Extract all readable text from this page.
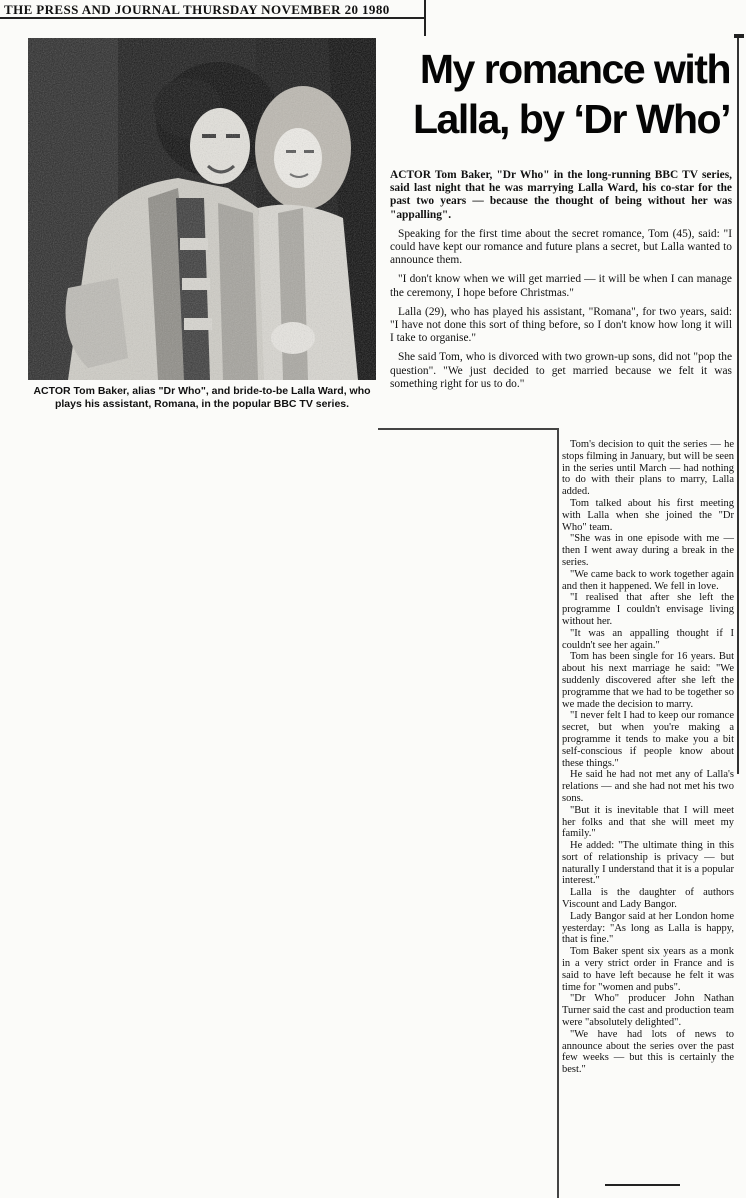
THE PRESS AND JOURNAL THURSDAY NOVEMBER 20 1980
ACTOR Tom Baker, alias "Dr Who", and bride-to-be Lalla Ward, who plays his assistant, Romana, in the popular BBC TV series.
My romance with
Lalla, by ‘Dr Who’

ACTOR Tom Baker, "Dr Who" in the long-running BBC TV series, said last night that he was marrying Lalla Ward, his co-star for the past two years — because the thought of being without her was "appalling".

Speaking for the first time about the secret romance, Tom (45), said: "I could have kept our romance and future plans a secret, but Lalla wanted to announce them.

"I don't know when we will get married — it will be when I can manage the ceremony, I hope before Christmas."

Lalla (29), who has played his assistant, "Romana", for two years, said: "I have not done this sort of thing before, so I don't know how long it will I take to organise."

She said Tom, who is divorced with two grown-up sons, did not "pop the question". "We just decided to get married because we felt it was something right for us to do."

Tom's decision to quit the series — he stops filming in January, but will be seen in the series until March — had nothing to do with their plans to marry, Lalla added.

Tom talked about his first meeting with Lalla when she joined the "Dr Who" team.

"She was in one episode with me — then I went away during a break in the series.

"We came back to work together again and then it happened. We fell in love.

"I realised that after she left the programme I couldn't envisage living without her.

"It was an appalling thought if I couldn't see her again."

Tom has been single for 16 years. But about his next marriage he said: "We suddenly discovered after she left the programme that we had to be together so we made the decision to marry.

"I never felt I had to keep our romance secret, but when you're making a programme it tends to make you a bit self-conscious if people know about these things."

He said he had not met any of Lalla's relations — and she had not met his two sons.

"But it is inevitable that I will meet her folks and that she will meet my family."

He added: "The ultimate thing in this sort of relationship is privacy — but naturally I understand that it is a popular interest."

Lalla is the daughter of authors Viscount and Lady Bangor.

Lady Bangor said at her London home yesterday: "As long as Lalla is happy, that is fine."

Tom Baker spent six years as a monk in a very strict order in France and is said to have left because he felt it was time for "women and pubs".

"Dr Who" producer John Nathan Turner said the cast and production team were "absolutely delighted".

"We have had lots of news to announce about the series over the past few weeks — but this is certainly the best."
